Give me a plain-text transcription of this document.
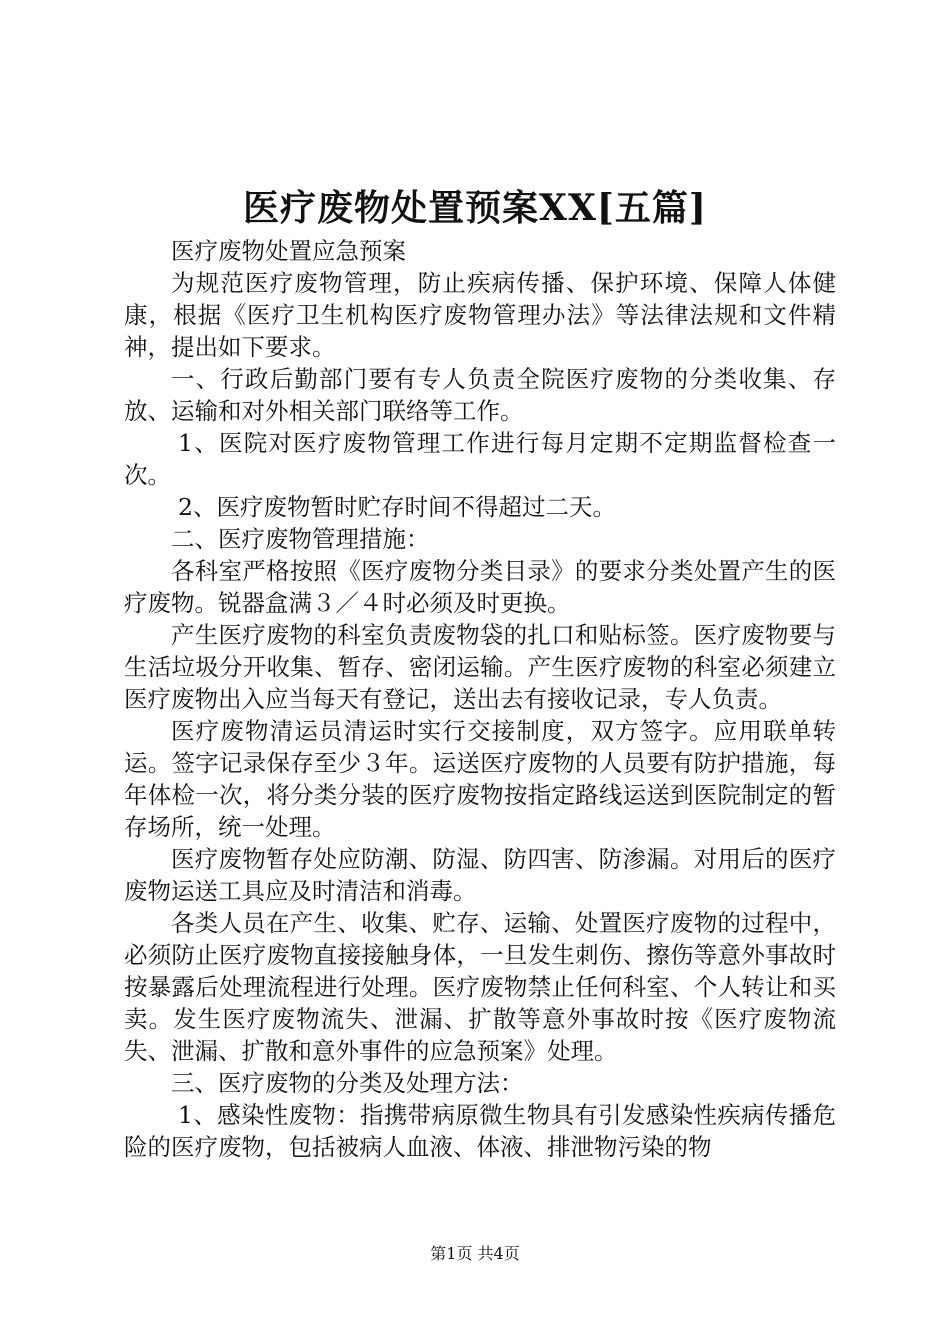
医疗废物处置预案XX[五篇]

医疗废物处置应急预案

为规范医疗废物管理，防止疾病传播、保护环境、保障人体健康，根据《医疗卫生机构医疗废物管理办法》等法律法规和文件精神，提出如下要求。

一、行政后勤部门要有专人负责全院医疗废物的分类收集、存放、运输和对外相关部门联络等工作。

1、医院对医疗废物管理工作进行每月定期不定期监督检查一次。

2、医疗废物暂时贮存时间不得超过二天。

二、医疗废物管理措施：

各科室严格按照《医疗废物分类目录》的要求分类处置产生的医疗废物。锐器盒满３／４时必须及时更换。

产生医疗废物的科室负责废物袋的扎口和贴标签。医疗废物要与生活垃圾分开收集、暂存、密闭运输。产生医疗废物的科室必须建立医疗废物出入应当每天有登记，送出去有接收记录，专人负责。

医疗废物清运员清运时实行交接制度，双方签字。应用联单转运。签字记录保存至少３年。运送医疗废物的人员要有防护措施，每年体检一次，将分类分装的医疗废物按指定路线运送到医院制定的暂存场所，统一处理。

医疗废物暂存处应防潮、防湿、防四害、防渗漏。对用后的医疗废物运送工具应及时清洁和消毒。

各类人员在产生、收集、贮存、运输、处置医疗废物的过程中，必须防止医疗废物直接接触身体，一旦发生刺伤、擦伤等意外事故时按暴露后处理流程进行处理。医疗废物禁止任何科室、个人转让和买卖。发生医疗废物流失、泄漏、扩散等意外事故时按《医疗废物流失、泄漏、扩散和意外事件的应急预案》处理。

三、医疗废物的分类及处理方法：

1、感染性废物：指携带病原微生物具有引发感染性疾病传播危险的医疗废物，包括被病人血液、体液、排泄物污染的物

第1页 共4页
